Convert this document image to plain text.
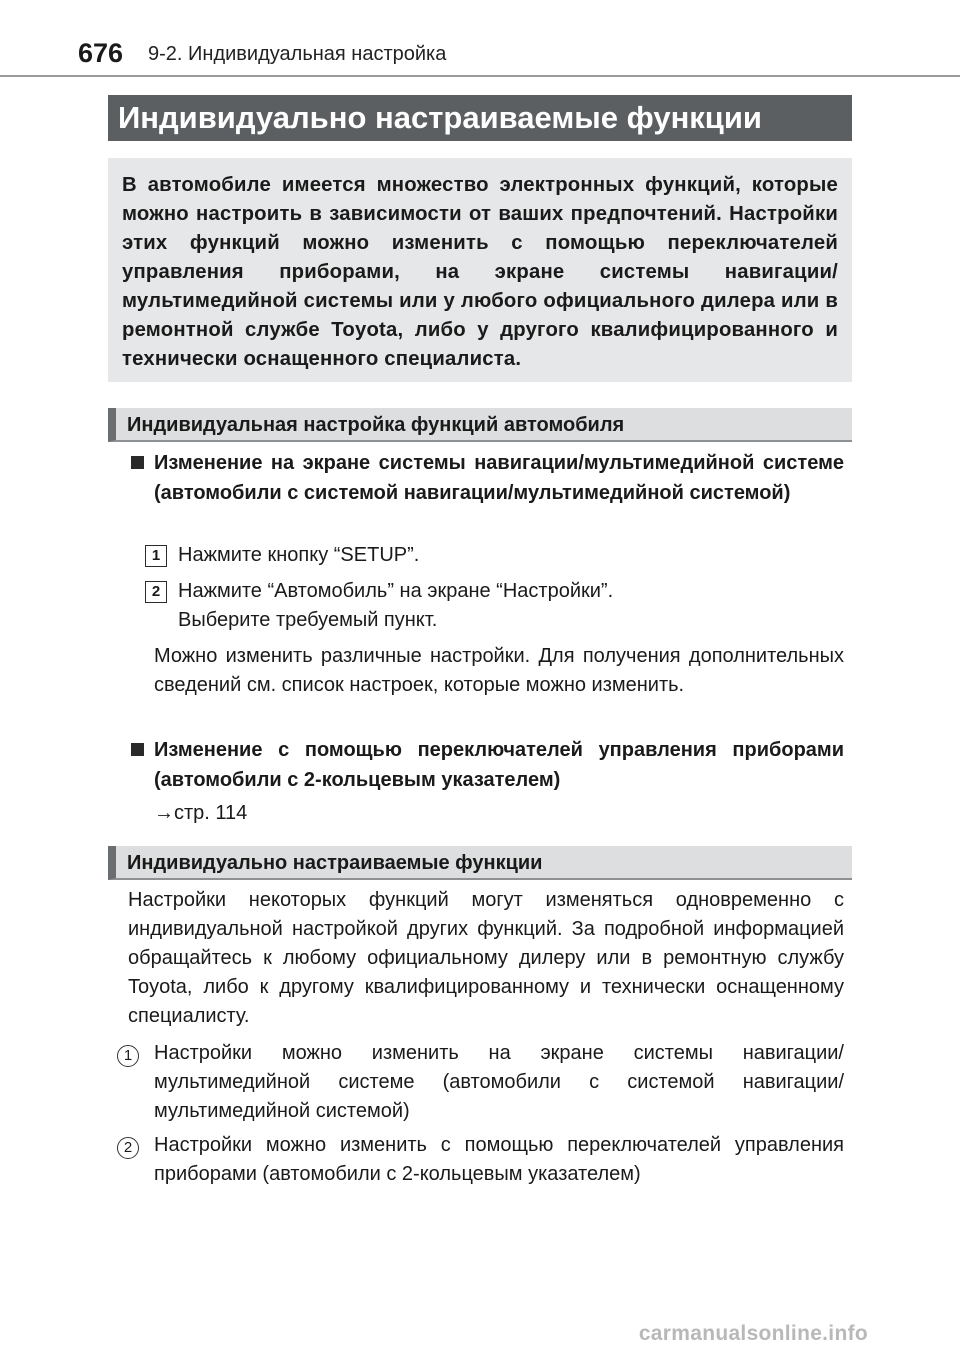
676 9-2. Индивидуальная настройка
Индивидуально настраиваемые функции
В автомобиле имеется множество электронных функций, которые можно настроить в зависимости от ваших предпочтений. Настройки этих функций можно изменить с помощью переключателей управления приборами, на экране системы навигации/мультимедийной системы или у любого официального дилера или в ремонтной службе Toyota, либо у другого квалифицированного и технически оснащенного специалиста.
Индивидуальная настройка функций автомобиля
Изменение на экране системы навигации/мультимедийной системе (автомобили с системой навигации/мультимедийной системой)
1 Нажмите кнопку “SETUP”.
2 Нажмите “Автомобиль” на экране “Настройки”.
Выберите требуемый пункт.
Можно изменить различные настройки. Для получения дополнительных сведений см. список настроек, которые можно изменить.
Изменение с помощью переключателей управления приборами (автомобили с 2-кольцевым указателем)
→стр. 114
Индивидуально настраиваемые функции
Настройки некоторых функций могут изменяться одновременно с индивидуальной настройкой других функций. За подробной информацией обращайтесь к любому официальному дилеру или в ремонтную службу Toyota, либо к другому квалифицированному и технически оснащенному специалисту.
1	Настройки можно изменить на экране системы навигации/ мультимедийной системе (автомобили с системой навигации/ мультимедийной системой)
2	Настройки можно изменить с помощью переключателей управления приборами (автомобили с 2-кольцевым указателем)
carmanualsonline.info
